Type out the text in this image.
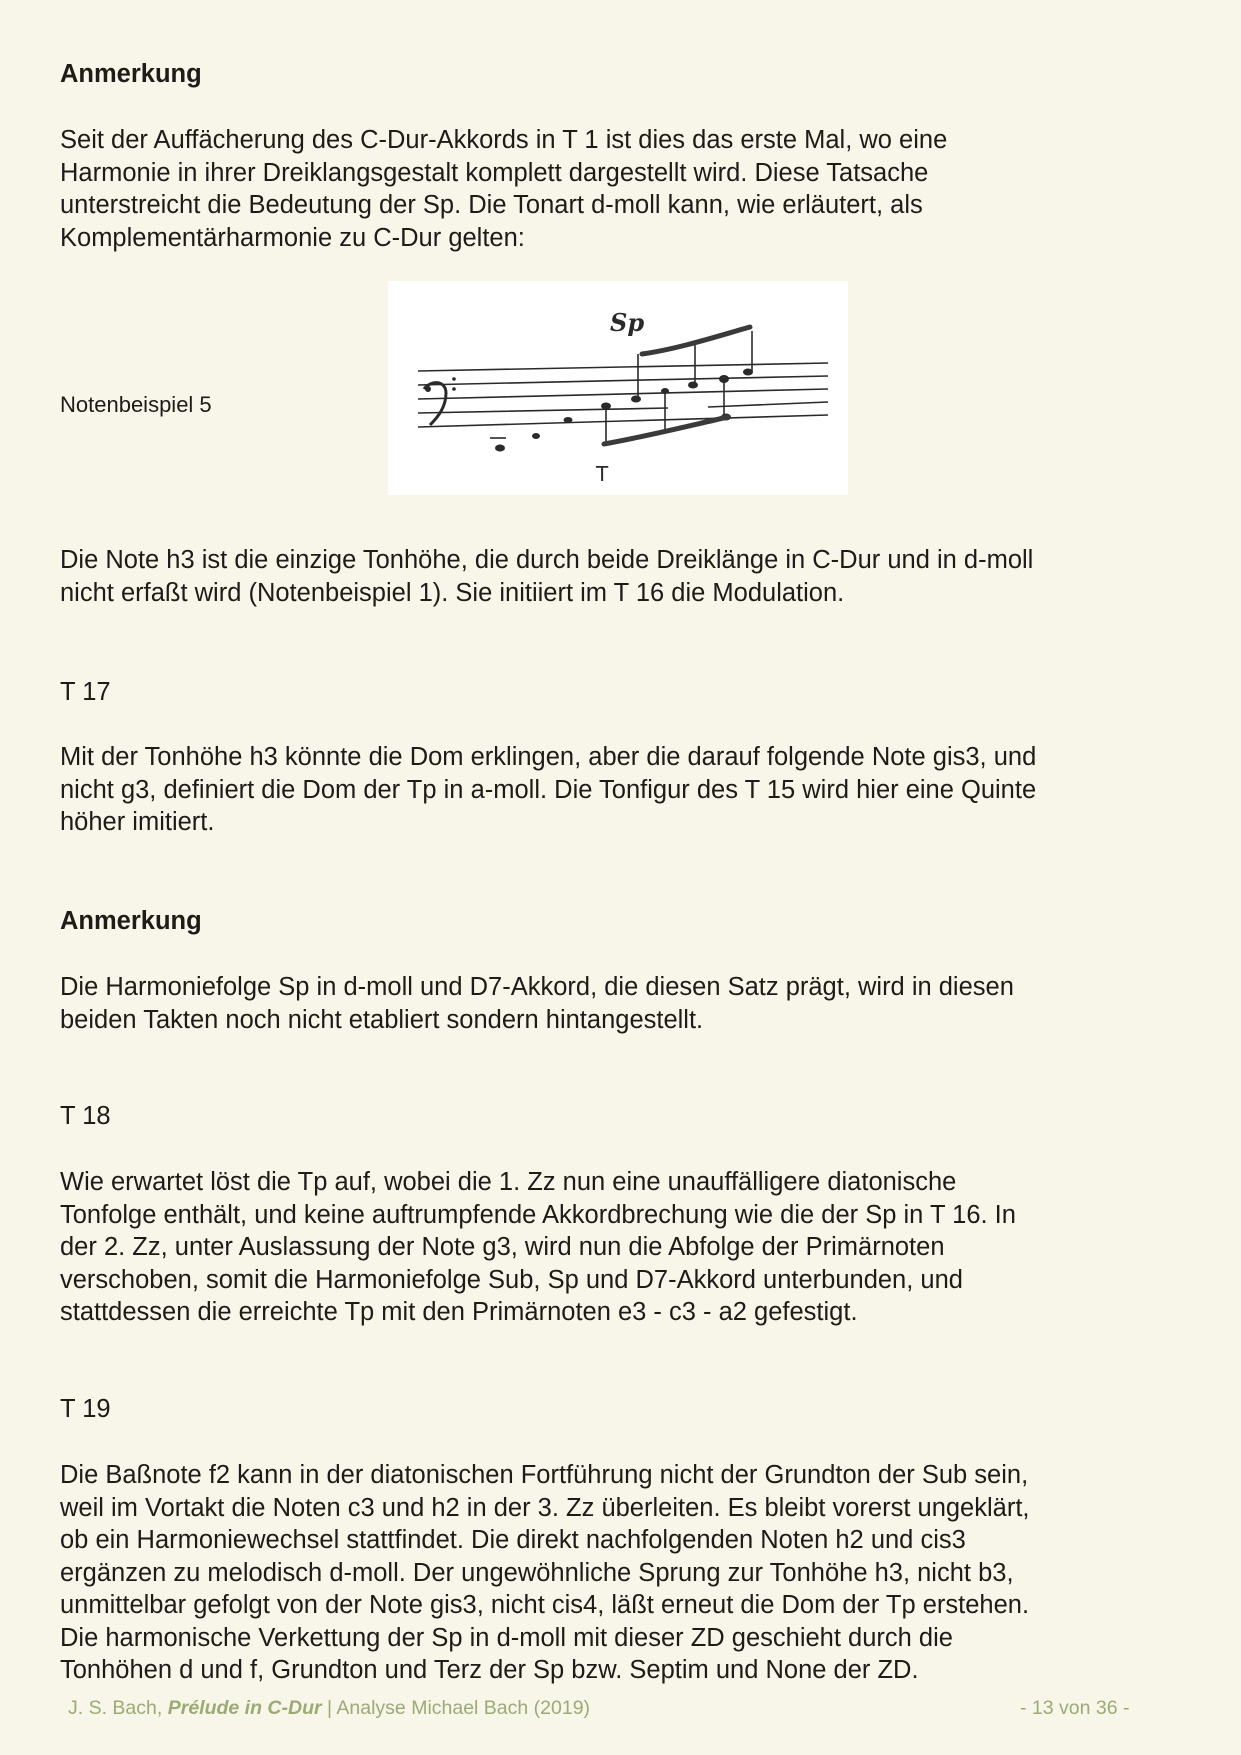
Anmerkung
Seit der Auffächerung des C-Dur-Akkords in T 1 ist dies das erste Mal, wo eine
Harmonie in ihrer Dreiklangsgestalt komplett dargestellt wird. Diese Tatsache
unterstreicht die Bedeutung der Sp. Die Tonart d-moll kann, wie erläutert, als
Komplementärharmonie zu C-Dur gelten:
Notenbeispiel 5
Sp
T
Die Note h3 ist die einzige Tonhöhe, die durch beide Dreiklänge in C-Dur und in d-moll
nicht erfaßt wird (Notenbeispiel 1). Sie initiiert im T 16 die Modulation.
T 17
Mit der Tonhöhe h3 könnte die Dom erklingen, aber die darauf folgende Note gis3, und
nicht g3, definiert die Dom der Tp in a-moll. Die Tonfigur des T 15 wird hier eine Quinte
höher imitiert.
Anmerkung
Die Harmoniefolge Sp in d-moll und D7-Akkord, die diesen Satz prägt, wird in diesen
beiden Takten noch nicht etabliert sondern hintangestellt.
T 18
Wie erwartet löst die Tp auf, wobei die 1. Zz nun eine unauffälligere diatonische
Tonfolge enthält, und keine auftrumpfende Akkordbrechung wie die der Sp in T 16. In
der 2. Zz, unter Auslassung der Note g3, wird nun die Abfolge der Primärnoten
verschoben, somit die Harmoniefolge Sub, Sp und D7-Akkord unterbunden, und
stattdessen die erreichte Tp mit den Primärnoten e3 - c3 - a2 gefestigt.
T 19
Die Baßnote f2 kann in der diatonischen Fortführung nicht der Grundton der Sub sein,
weil im Vortakt die Noten c3 und h2 in der 3. Zz überleiten. Es bleibt vorerst ungeklärt,
ob ein Harmoniewechsel stattfindet. Die direkt nachfolgenden Noten h2 und cis3
ergänzen zu melodisch d-moll. Der ungewöhnliche Sprung zur Tonhöhe h3, nicht b3,
unmittelbar gefolgt von der Note gis3, nicht cis4, läßt erneut die Dom der Tp erstehen.
Die harmonische Verkettung der Sp in d-moll mit dieser ZD geschieht durch die
Tonhöhen d und f, Grundton und Terz der Sp bzw. Septim und None der ZD.
J. S. Bach, Prélude in C-Dur | Analyse Michael Bach (2019)	- 13 von 36 -
